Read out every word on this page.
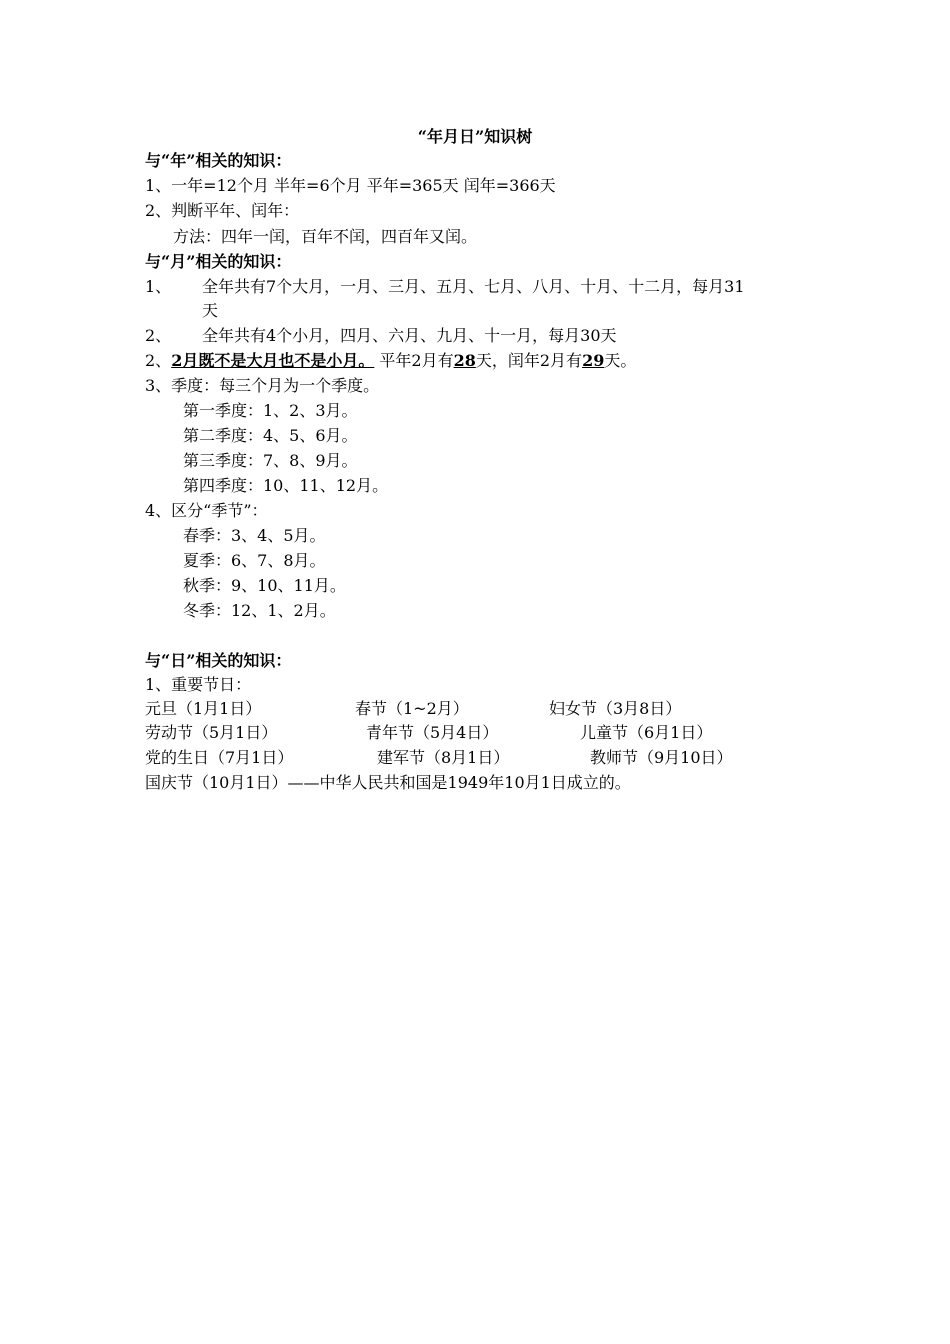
“年月日”知识树
与“年”相关的知识：
1、一年=12个月 半年=6个月 平年=365天 闰年=366天
2、判断平年、闰年：
方法：四年一闰，百年不闰，四百年又闰。
与“月”相关的知识：
1、 全年共有7个大月，一月、三月、五月、七月、八月、十月、十二月，每月31
天
2、 全年共有4个小月，四月、六月、九月、十一月，每月30天
2、2月既不是大月也不是小月。 平年2月有28天，闰年2月有29天。
3、季度：每三个月为一个季度。
第一季度：1、2、3月。
第二季度：4、5、6月。
第三季度：7、8、9月。
第四季度：10、11、12月。
4、区分“季节”：
春季：3、4、5月。
夏季：6、7、8月。
秋季：9、10、11月。
冬季：12、1、2月。
与“日”相关的知识：
1、重要节日：
元旦（1月1日）	春节（1~2月）	妇女节（3月8日）
劳动节（5月1日）	青年节（5月4日）	儿童节（6月1日）
党的生日（7月1日）	建军节（8月1日）	教师节（9月10日）
国庆节（10月1日）——中华人民共和国是1949年10月1日成立的。
